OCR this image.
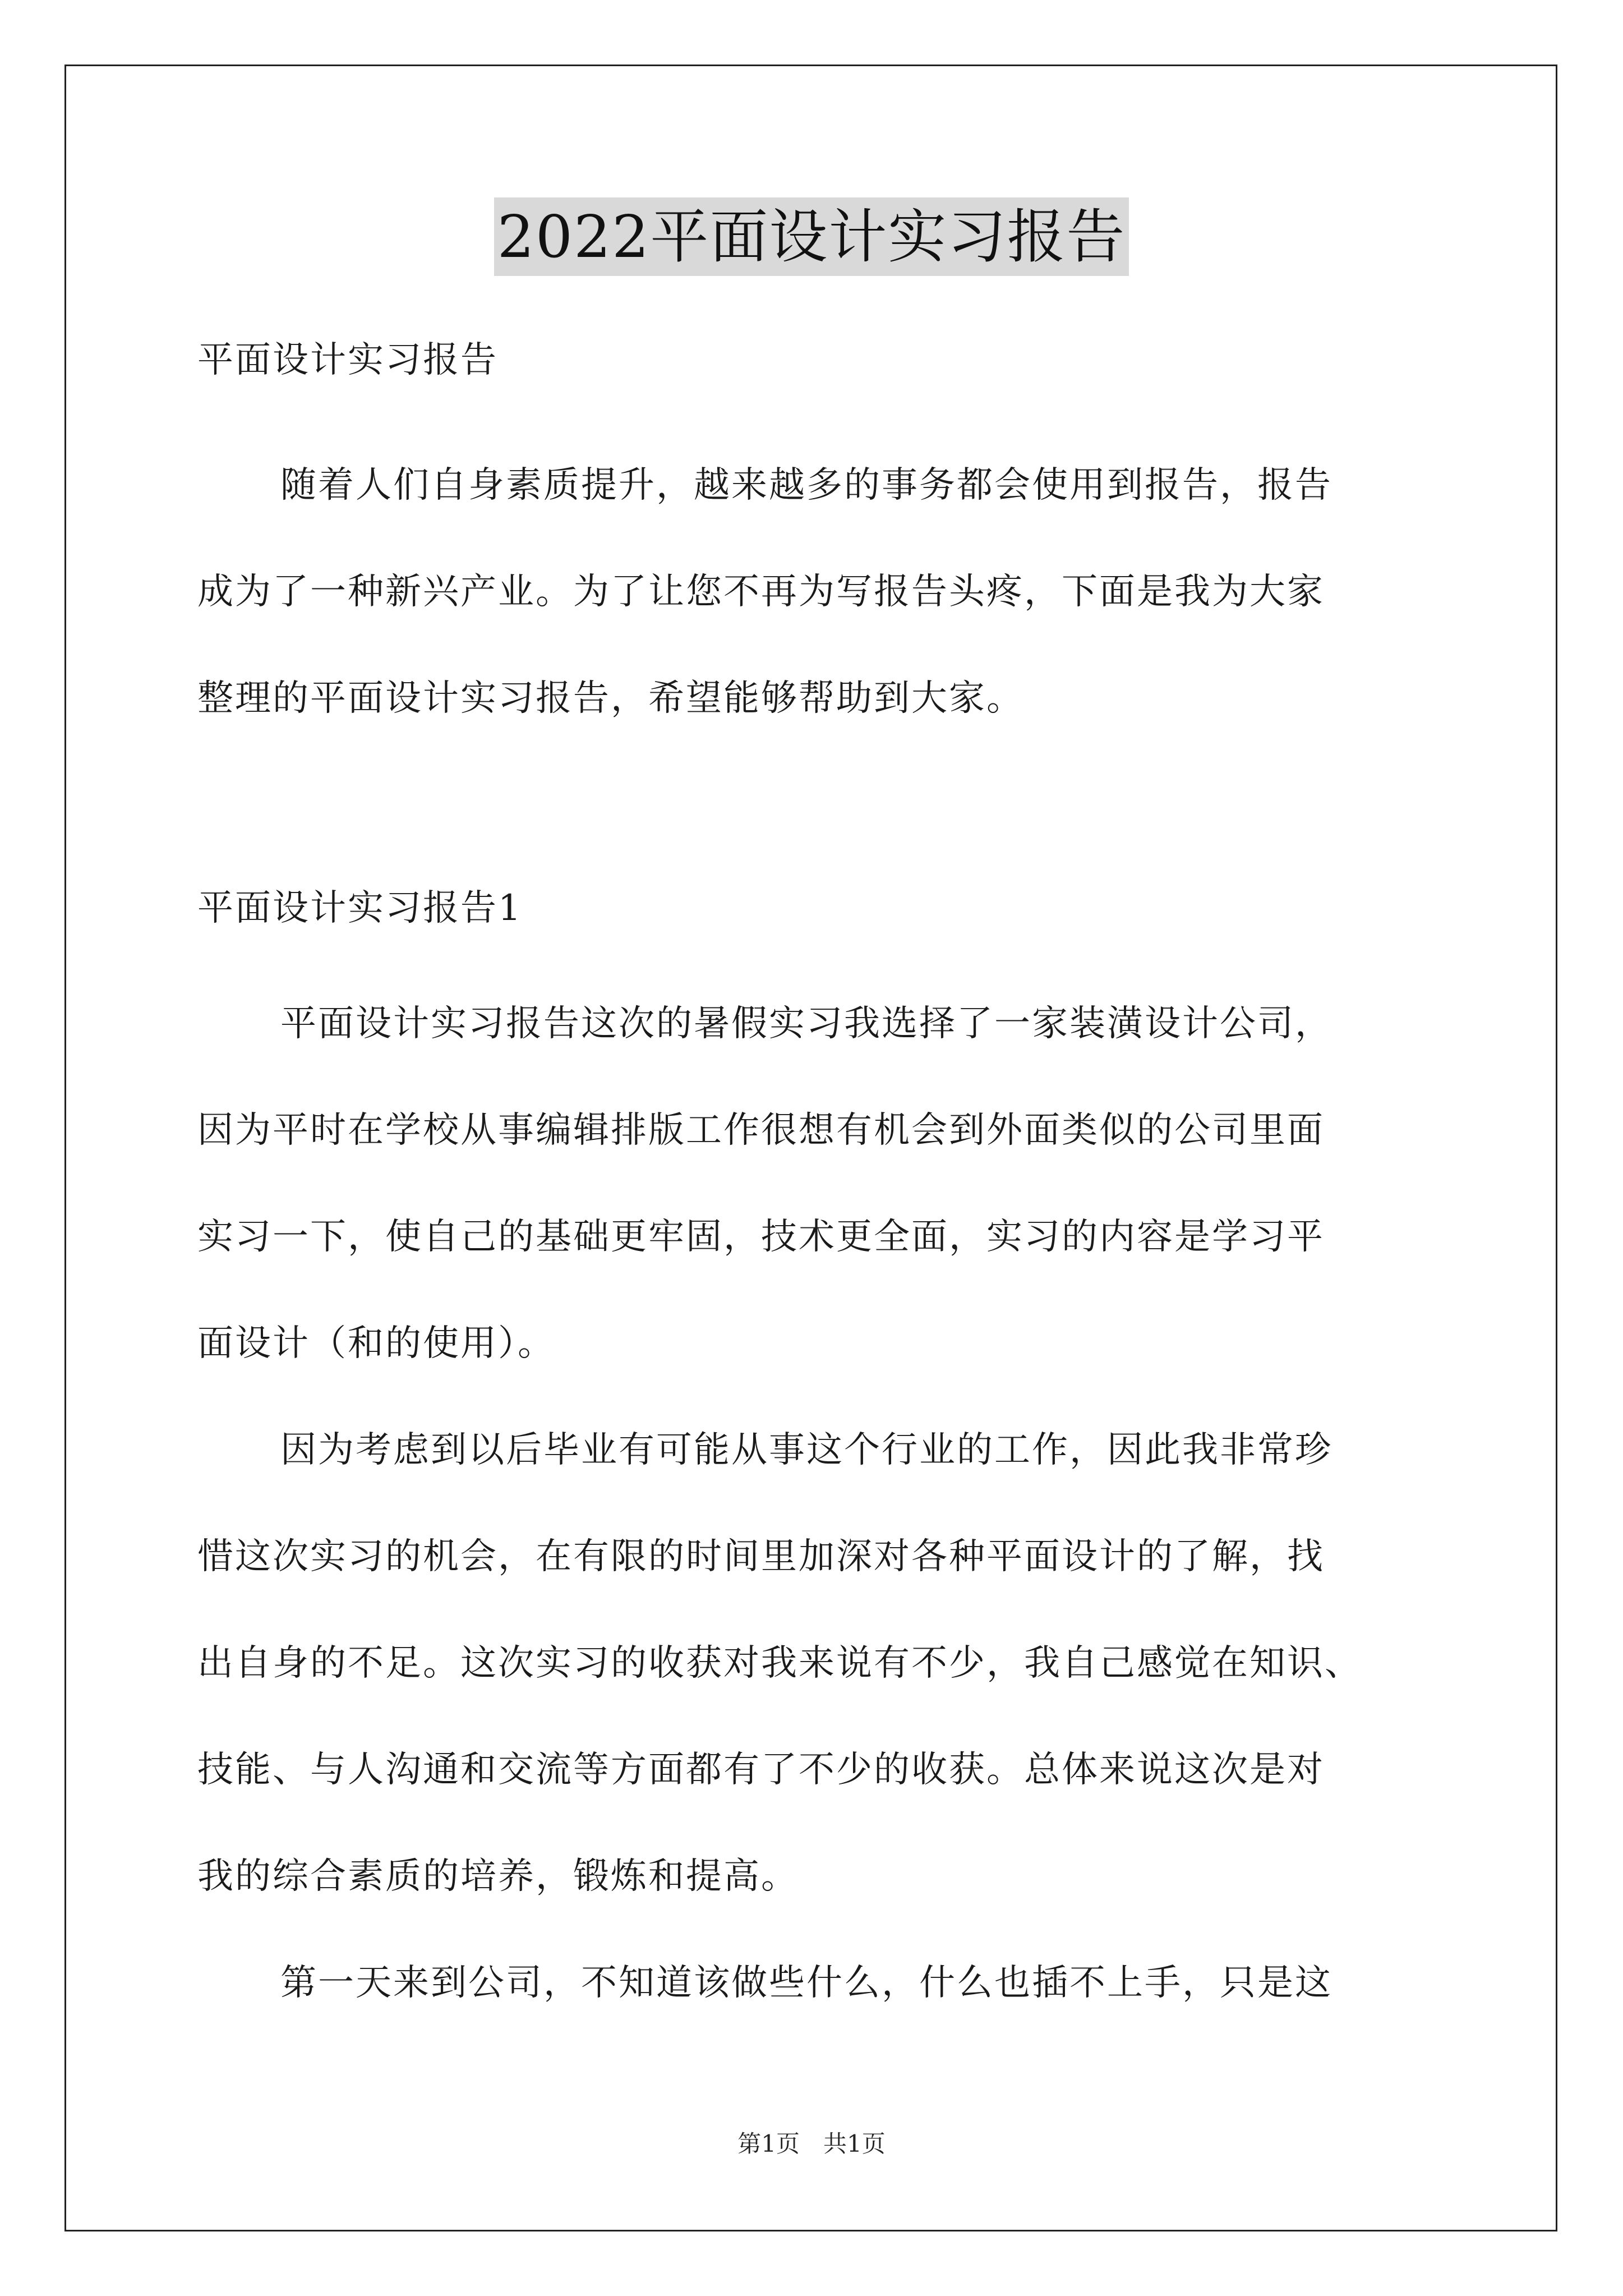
2022平面设计实习报告
平面设计实习报告
随着人们自身素质提升，越来越多的事务都会使用到报告，报告
成为了一种新兴产业。为了让您不再为写报告头疼，下面是我为大家
整理的平面设计实习报告，希望能够帮助到大家。
平面设计实习报告1
平面设计实习报告这次的暑假实习我选择了一家装潢设计公司，
因为平时在学校从事编辑排版工作很想有机会到外面类似的公司里面
实习一下，使自己的基础更牢固，技术更全面，实习的内容是学习平
面设计（和的使用）。
因为考虑到以后毕业有可能从事这个行业的工作，因此我非常珍
惜这次实习的机会，在有限的时间里加深对各种平面设计的了解，找
出自身的不足。这次实习的收获对我来说有不少，我自己感觉在知识、
技能、与人沟通和交流等方面都有了不少的收获。总体来说这次是对
我的综合素质的培养，锻炼和提高。
第一天来到公司，不知道该做些什么，什么也插不上手，只是这
第1页　共1页
